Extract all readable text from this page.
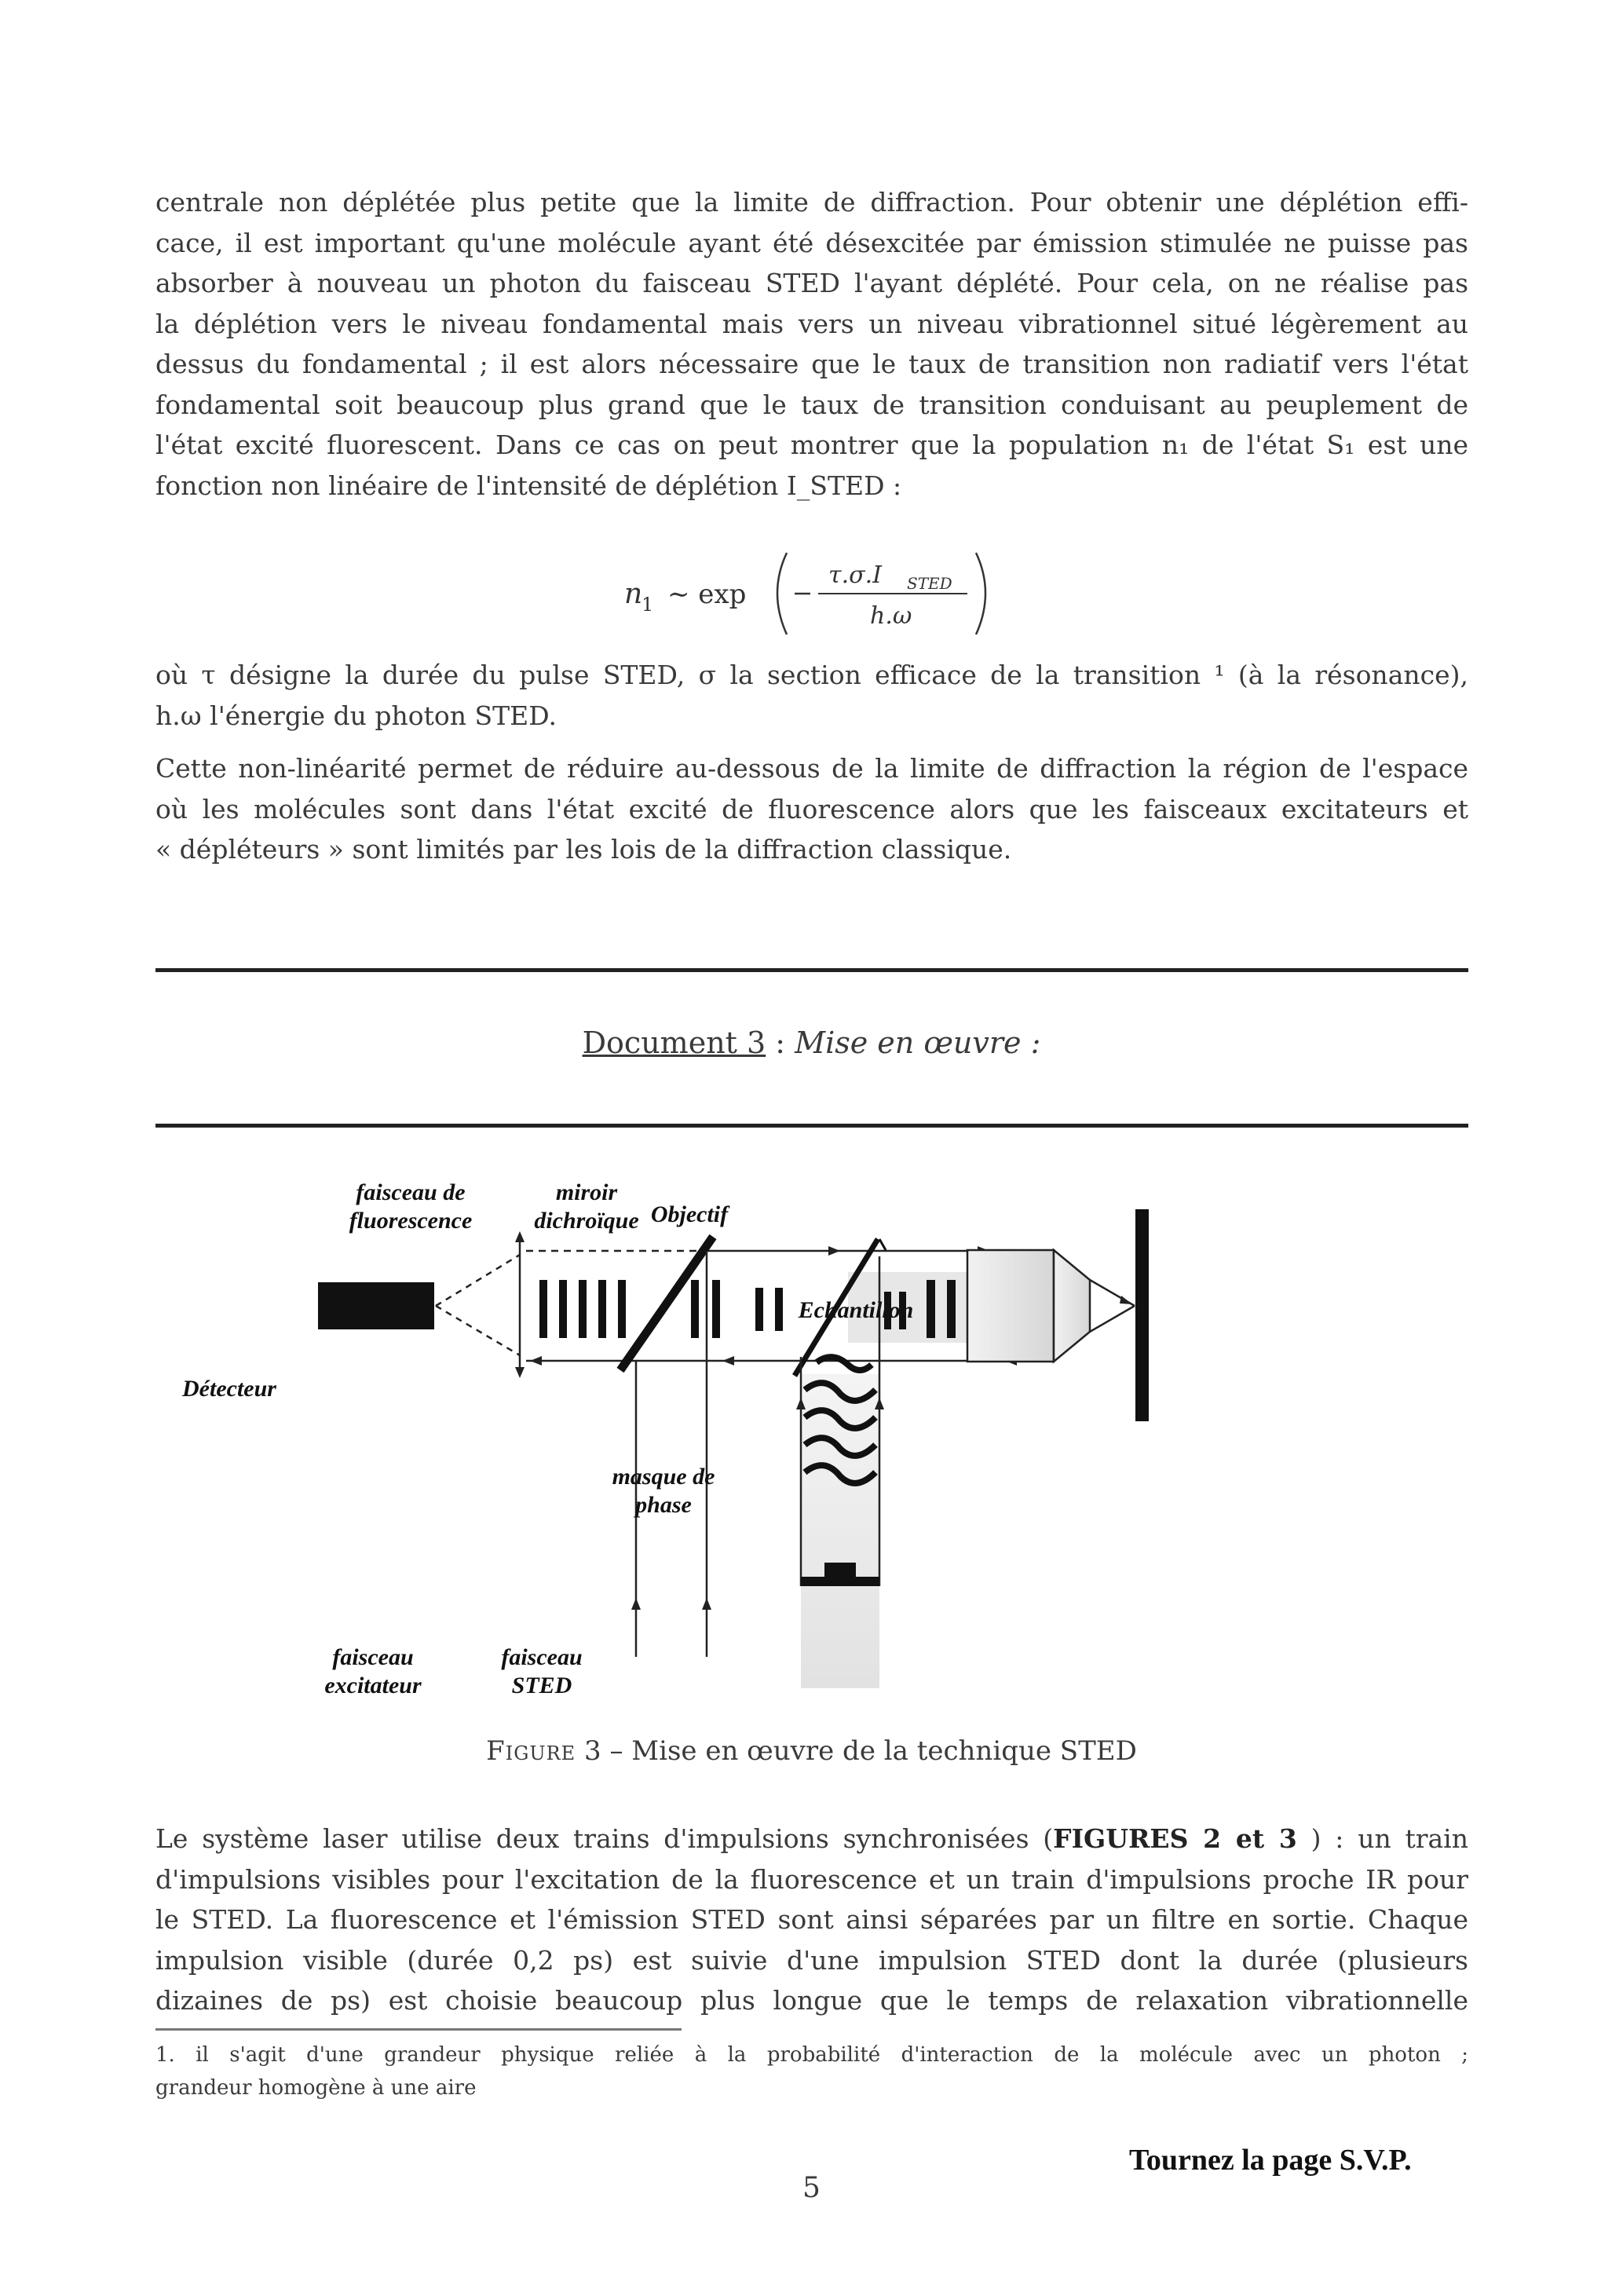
centrale non déplétée plus petite que la limite de diffraction. Pour obtenir une déplétion effi-
cace, il est important qu'une molécule ayant été désexcitée par émission stimulée ne puisse pas
absorber à nouveau un photon du faisceau STED l'ayant déplété. Pour cela, on ne réalise pas
la déplétion vers le niveau fondamental mais vers un niveau vibrationnel situé légèrement au
dessus du fondamental ; il est alors nécessaire que le taux de transition non radiatif vers l'état
fondamental soit beaucoup plus grand que le taux de transition conduisant au peuplement de
l'état excité fluorescent. Dans ce cas on peut montrer que la population n₁ de l'état S₁ est une
fonction non linéaire de l'intensité de déplétion I_STED :
n
1 ∼ exp
τ.σ.I STED
h.ω
où τ désigne la durée du pulse STED, σ la section efficace de la transition ¹ (à la résonance),
h.ω l'énergie du photon STED.
Cette non-linéarité permet de réduire au-dessous de la limite de diffraction la région de l'espace
où les molécules sont dans l'état excité de fluorescence alors que les faisceaux excitateurs et
« dépléteurs » sont limités par les lois de la diffraction classique.
Document 3 : Mise en œuvre :
faisceau de
fluorescence
miroir
dichroïque Objectif
Echantillon
Détecteur
masque de
phase
faisceau
excitateur
faisceau
STED
Figure 3 – Mise en œuvre de la technique STED
Le système laser utilise deux trains d'impulsions synchronisées (FIGURES 2 et 3 ) : un train
d'impulsions visibles pour l'excitation de la fluorescence et un train d'impulsions proche IR pour
le STED. La fluorescence et l'émission STED sont ainsi séparées par un filtre en sortie. Chaque
impulsion visible (durée 0,2 ps) est suivie d'une impulsion STED dont la durée (plusieurs
dizaines de ps) est choisie beaucoup plus longue que le temps de relaxation vibrationnelle
1. il s'agit d'une grandeur physique reliée à la probabilité d'interaction de la molécule avec un photon ;
grandeur homogène à une aire
Tournez la page S.V.P.
5
